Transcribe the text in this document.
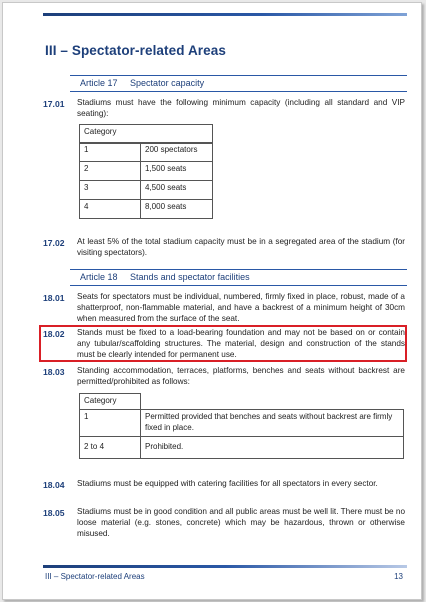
III – Spectator-related Areas
Article 17 Spectator capacity
17.01 Stadiums must have the following minimum capacity (including all standard and VIP seating):
Category
1	200 spectators
2	1,500 seats
3	4,500 seats
4	8,000 seats
17.02 At least 5% of the total stadium capacity must be in a segregated area of the stadium (for visiting spectators).
Article 18 Stands and spectator facilities
18.01 Seats for spectators must be individual, numbered, firmly fixed in place, robust, made of a shatterproof, non-flammable material, and have a backrest of a minimum height of 30cm when measured from the surface of the seat.
18.02 Stands must be fixed to a load-bearing foundation and may not be based on or contain any tubular/scaffolding structures. The material, design and construction of the stands must be clearly intended for permanent use.
18.03 Standing accommodation, terraces, platforms, benches and seats without backrest are permitted/prohibited as follows:
Category	
1	Permitted provided that benches and seats without backrest are firmly fixed in place.
2 to 4	Prohibited.
18.04 Stadiums must be equipped with catering facilities for all spectators in every sector.
18.05 Stadiums must be in good condition and all public areas must be well lit. There must be no loose material (e.g. stones, concrete) which may be hazardous, thrown or otherwise misused.
III – Spectator-related Areas	13
